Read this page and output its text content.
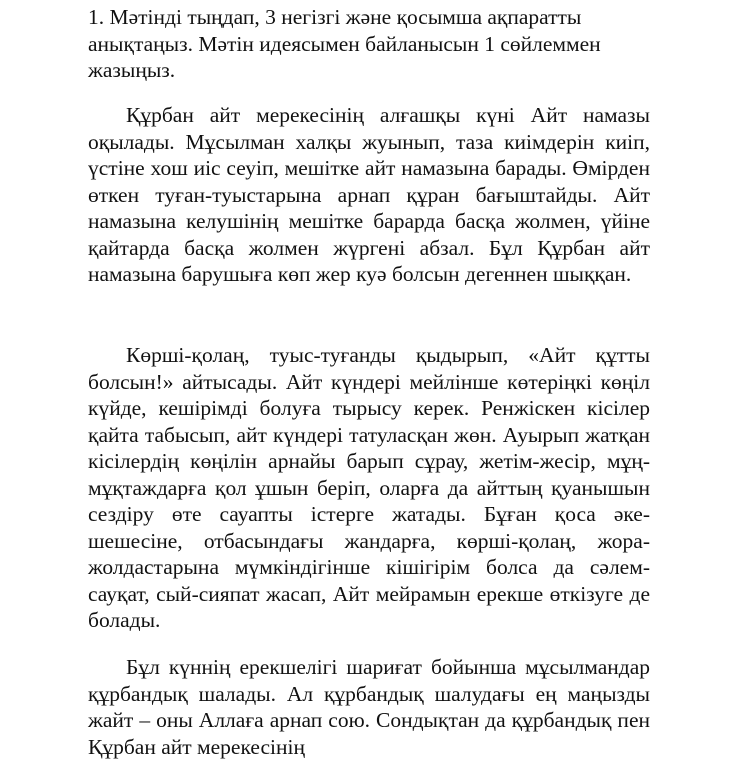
1. Мәтінді тыңдап, 3 негізгі және қосымша ақпаратты анықтаңыз. Мәтін идеясымен байланысын 1 сөйлеммен жазыңыз.

Құрбан айт мерекесінің алғашқы күні Айт намазы оқылады. Мұсылман халқы жуынып, таза киімдерін киіп, үстіне хош иіс сеуіп, мешітке айт намазына барады. Өмірден өткен туған-туыстарына арнап құран бағыштайды. Айт намазына келушінің мешітке барарда басқа жолмен, үйіне қайтарда басқа жолмен жүргені абзал. Бұл Құрбан айт намазына барушыға көп жер куә болсын дегеннен шыққан.

Көрші-қолаң, туыс-туғанды қыдырып, «Айт құтты болсын!» айтысады. Айт күндері мейлінше көтеріңкі көңіл күйде, кешірімді болуға тырысу керек. Ренжіскен кісілер қайта табысып, айт күндері татуласқан жөн. Ауырып жатқан кісілердің көңілін арнайы барып сұрау, жетім-жесір, мұң-мұқтаждарға қол ұшын беріп, оларға да айттың қуанышын сездіру өте сауапты істерге жатады. Бұған қоса әке-шешесіне, отбасындағы жандарға, көрші-қолаң, жора-жолдастарына мүмкіндігінше кішігірім болса да сәлем-сауқат, сый-сияпат жасап, Айт мейрамын ерекше өткізуге де болады.

Бұл күннің ерекшелігі шариғат бойынша мұсылмандар құрбандық шалады. Ал құрбандық шалудағы ең маңызды жайт – оны Аллаға арнап сою. Сондықтан да құрбандық пен Құрбан айт мерекесінің
